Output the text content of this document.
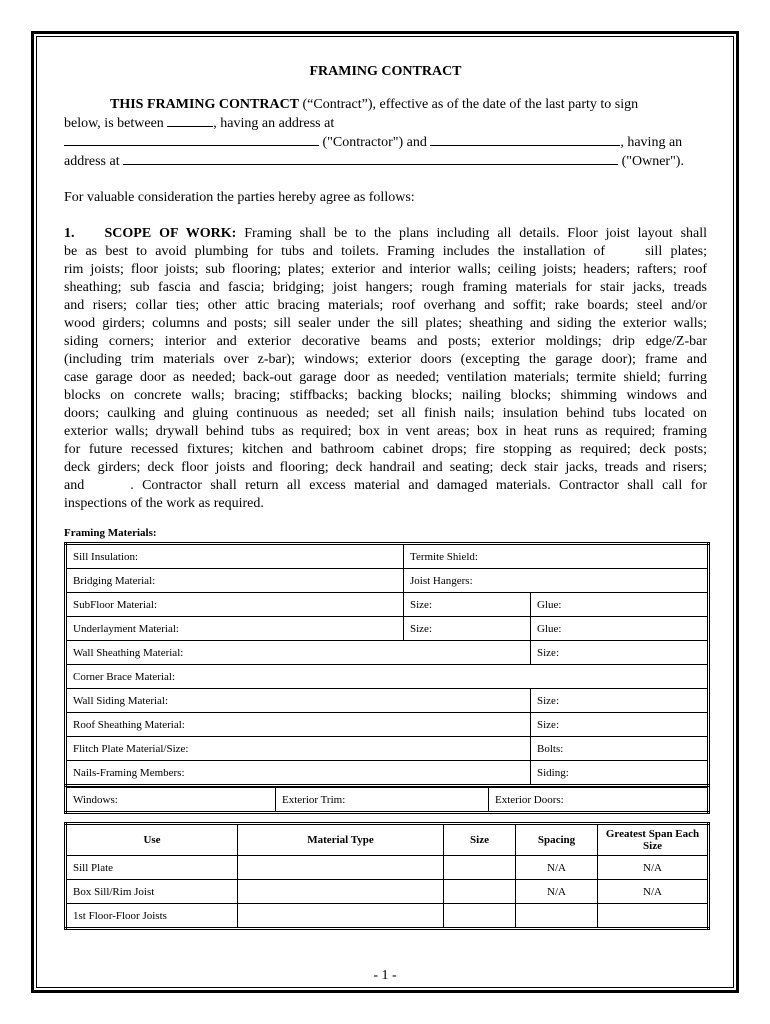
FRAMING CONTRACT

THIS FRAMING CONTRACT (“Contract”), effective as of the date of the last party to sign

below, is between	, having an address at

("Contractor") and	, having an

address at	("Owner").

For valuable consideration the parties hereby agree as follows:

1. SCOPE OF WORK: Framing shall be to the plans including all details. Floor joist layout shall

be as best to avoid plumbing for tubs and toilets. Framing includes the installation of	sill plates;

rim joists; floor joists; sub flooring; plates; exterior and interior walls; ceiling joists; headers; rafters; roof

sheathing; sub fascia and fascia; bridging; joist hangers; rough framing materials for stair jacks, treads

and risers; collar ties; other attic bracing materials; roof overhang and soffit; rake boards; steel and/or

wood girders; columns and posts; sill sealer under the sill plates; sheathing and siding the exterior walls;

siding corners; interior and exterior decorative beams and posts; exterior moldings; drip edge/Z-bar

(including trim materials over z-bar); windows; exterior doors (excepting the garage door); frame and

case garage door as needed; back-out garage door as needed; ventilation materials; termite shield; furring

blocks on concrete walls; bracing; stiffbacks; backing blocks; nailing blocks; shimming windows and

doors; caulking and gluing continuous as needed; set all finish nails; insulation behind tubs located on

exterior walls; drywall behind tubs as required; box in vent areas; box in heat runs as required; framing

for future recessed fixtures; kitchen and bathroom cabinet drops; fire stopping as required; deck posts;

deck girders; deck floor joists and flooring; deck handrail and seating; deck stair jacks, treads and risers;

and	. Contractor shall return all excess material and damaged materials. Contractor shall call for

inspections of the work as required.

Framing Materials:
Sill Insulation:	Termite Shield:	
Bridging Material:	Joist Hangers:	
SubFloor Material:	Size:	Glue:
Underlayment Material:	Size:	Glue:
Wall Sheathing Material:		Size:
Corner Brace Material:		
Wall Siding Material:		Size:
Roof Sheathing Material:		Size:
Flitch Plate Material/Size:		Bolts:
Nails-Framing Members:		Siding:
Windows:	Exterior Trim:	Exterior Doors:
Use	Material Type	Size	Spacing	Greatest Span Each Size
Sill Plate			N/A	N/A
Box Sill/Rim Joist			N/A	N/A
1st Floor-Floor Joists				
- 1 -
